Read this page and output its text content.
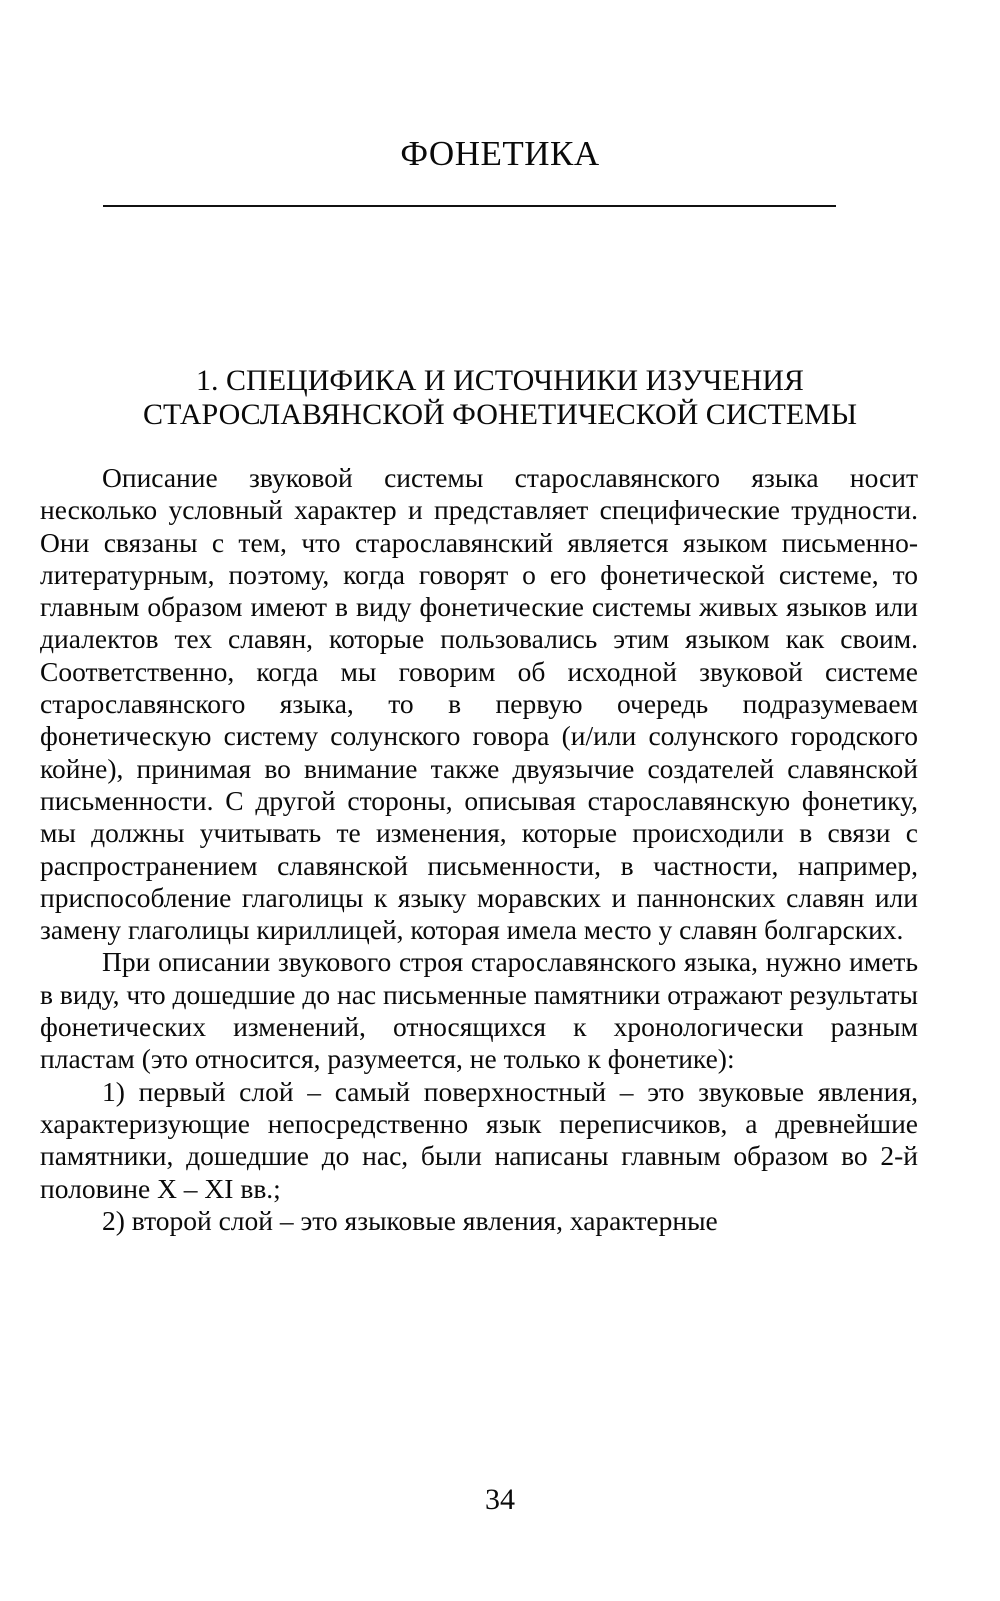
ФОНЕТИКА
1. СПЕЦИФИКА И ИСТОЧНИКИ ИЗУЧЕНИЯ
СТАРОСЛАВЯНСКОЙ ФОНЕТИЧЕСКОЙ СИСТЕМЫ

Описание звуковой системы старославянского языка носит несколько условный характер и представляет специфические трудности. Они связаны с тем, что старославянский является языком письменно-литературным, поэтому, когда говорят о его фонетической системе, то главным образом имеют в виду фонетические системы живых языков или диалектов тех славян, которые пользовались этим языком как своим. Соответственно, когда мы говорим об исходной звуковой системе старославянского языка, то в первую очередь подразумеваем фонетическую систему солунского говора (и/или солунского городского койне), принимая во внимание также двуязычие создателей славянской письменности. С другой стороны, описывая старославянскую фонетику, мы должны учитывать те изменения, которые происходили в связи с распространением славянской письменности, в частности, например, приспособление глаголицы к языку моравских и паннонских славян или замену глаголицы кириллицей, которая имела место у славян болгарских.

При описании звукового строя старославянского языка, нужно иметь в виду, что дошедшие до нас письменные памятники отражают результаты фонетических изменений, относящихся к хронологически разным пластам (это относится, разумеется, не только к фонетике):

1) первый слой – самый поверхностный – это звуковые явления, характеризующие непосредственно язык переписчиков, а древнейшие памятники, дошедшие до нас, были написаны главным образом во 2-й половине X – XI вв.;

2) второй слой – это языковые явления, характерные

34
